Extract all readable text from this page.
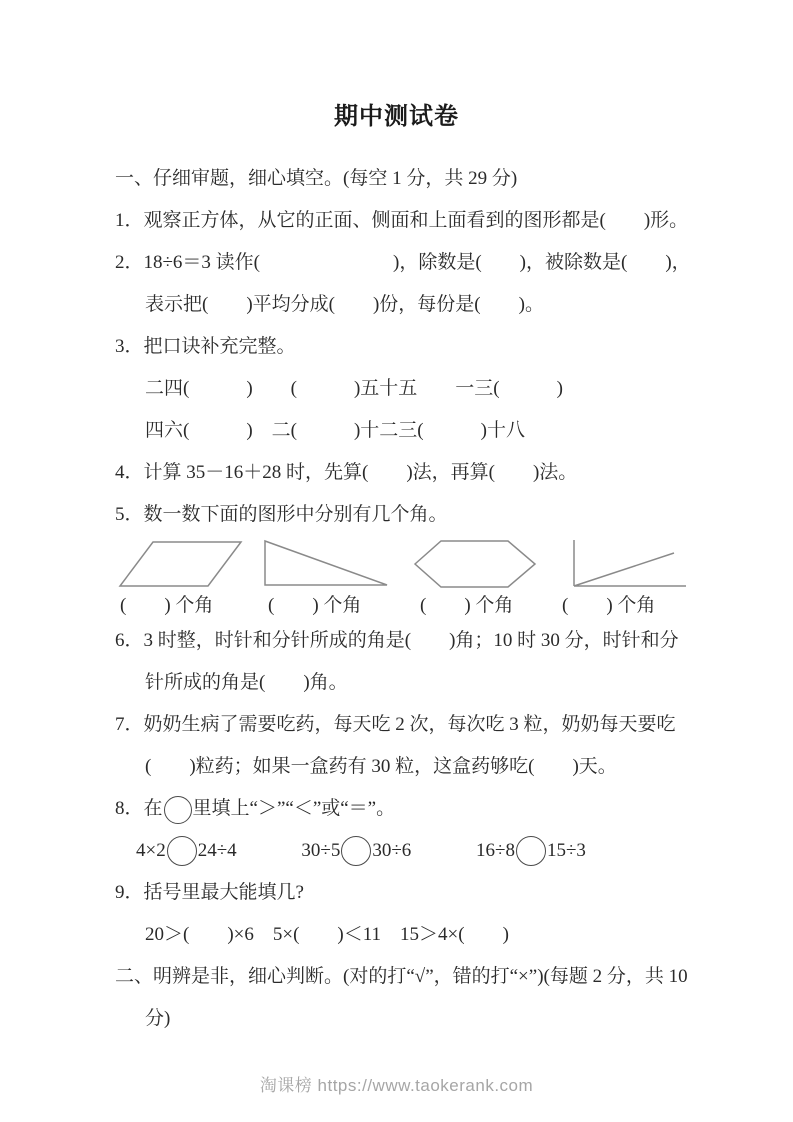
期中测试卷
一、仔细审题，细心填空。(每空 1 分，共 29 分)
1．观察正方体，从它的正面、侧面和上面看到的图形都是(　　)形。
2．18÷6＝3 读作(　　　　　　　)，除数是(　　)，被除数是(　　)，
表示把(　　)平均分成(　　)份，每份是(　　)。
3．把口诀补充完整。
二四(　　　)　　(　　　)五十五　　一三(　　　)
四六(　　　)　二(　　　)十二三(　　　)十八
4．计算 35－16＋28 时，先算(　　)法，再算(　　)法。
5．数一数下面的图形中分别有几个角。
(　　) 个角	(　　) 个角	(　　) 个角	(　　) 个角
6．3 时整，时针和分针所成的角是(　　)角；10 时 30 分，时针和分
针所成的角是(　　)角。
7．奶奶生病了需要吃药，每天吃 2 次，每次吃 3 粒，奶奶每天要吃
(　　)粒药；如果一盒药有 30 粒，这盒药够吃(　　)天。
8．在 里填上“＞”“＜”或“＝”。
4×2 24÷4
	30÷5 30÷6
	16÷8 15÷3
9．括号里最大能填几?
20＞(　　)×6　5×(　　)＜11　15＞4×(　　)
二、明辨是非，细心判断。(对的打“√”，错的打“×”)(每题 2 分，共 10
分)
淘课榜 https://www.taokerank.com
